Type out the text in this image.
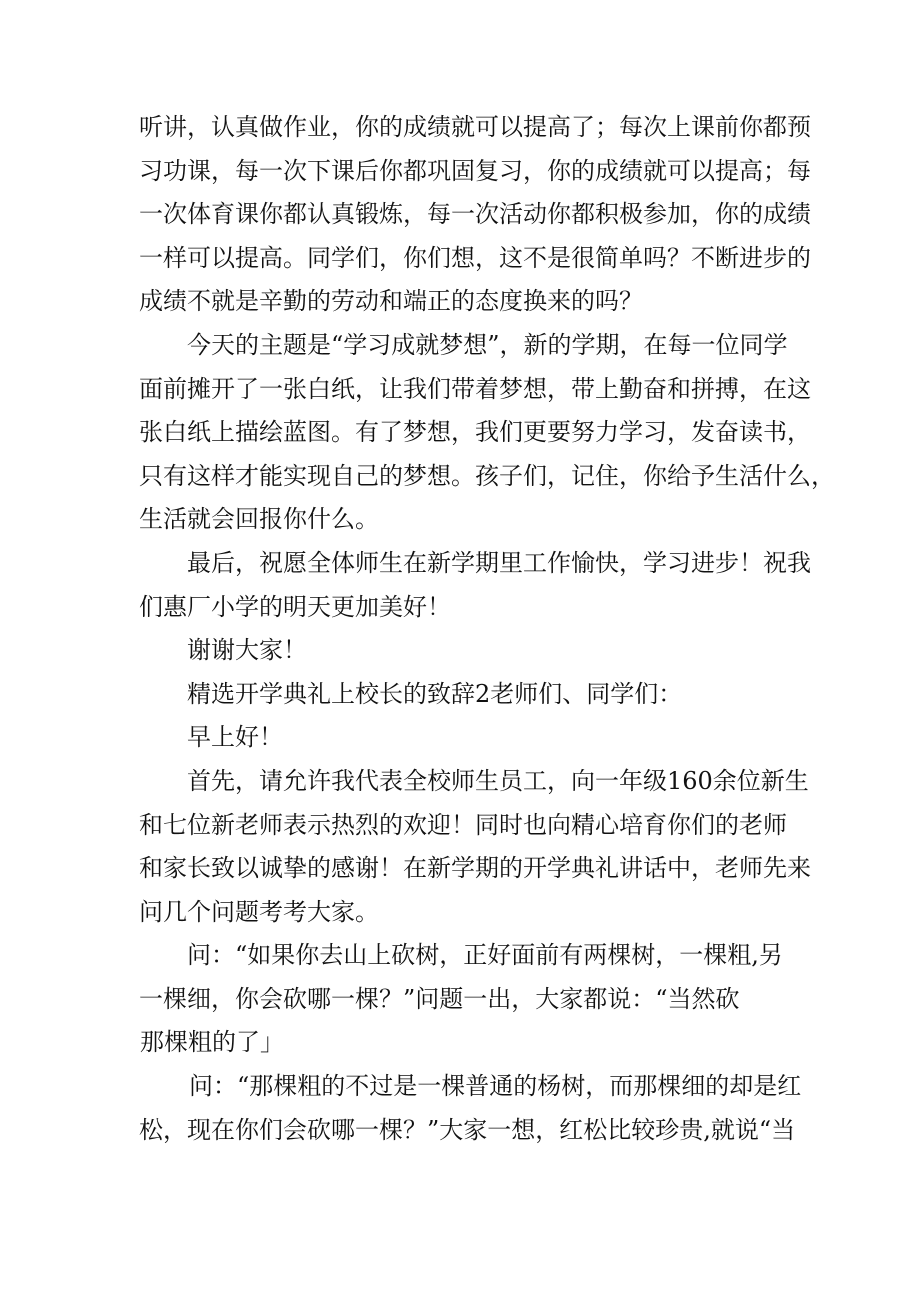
听讲，认真做作业，你的成绩就可以提高了；每次上课前你都预
习功课，每一次下课后你都巩固复习，你的成绩就可以提高；每
一次体育课你都认真锻炼，每一次活动你都积极参加，你的成绩
一样可以提高。同学们，你们想，这不是很简单吗？不断进步的
成绩不就是辛勤的劳动和端正的态度换来的吗？
今天的主题是“学习成就梦想”，新的学期，在每一位同学
面前摊开了一张白纸，让我们带着梦想，带上勤奋和拼搏，在这
张白纸上描绘蓝图。有了梦想，我们更要努力学习，发奋读书，
只有这样才能实现自己的梦想。孩子们，记住，你给予生活什么，
生活就会回报你什么。
最后，祝愿全体师生在新学期里工作愉快，学习进步！祝我
们惠厂小学的明天更加美好！
谢谢大家！
精选开学典礼上校长的致辞2老师们、同学们：
早上好！
首先，请允许我代表全校师生员工，向一年级160余位新生
和七位新老师表示热烈的欢迎！同时也向精心培育你们的老师
和家长致以诚挚的感谢！在新学期的开学典礼讲话中，老师先来
问几个问题考考大家。
问：“如果你去山上砍树，正好面前有两棵树，一棵粗,另
一棵细，你会砍哪一棵？”问题一出，大家都说：“当然砍
那棵粗的了」
问：“那棵粗的不过是一棵普通的杨树，而那棵细的却是红
松，现在你们会砍哪一棵？”大家一想，红松比较珍贵,就说“当
